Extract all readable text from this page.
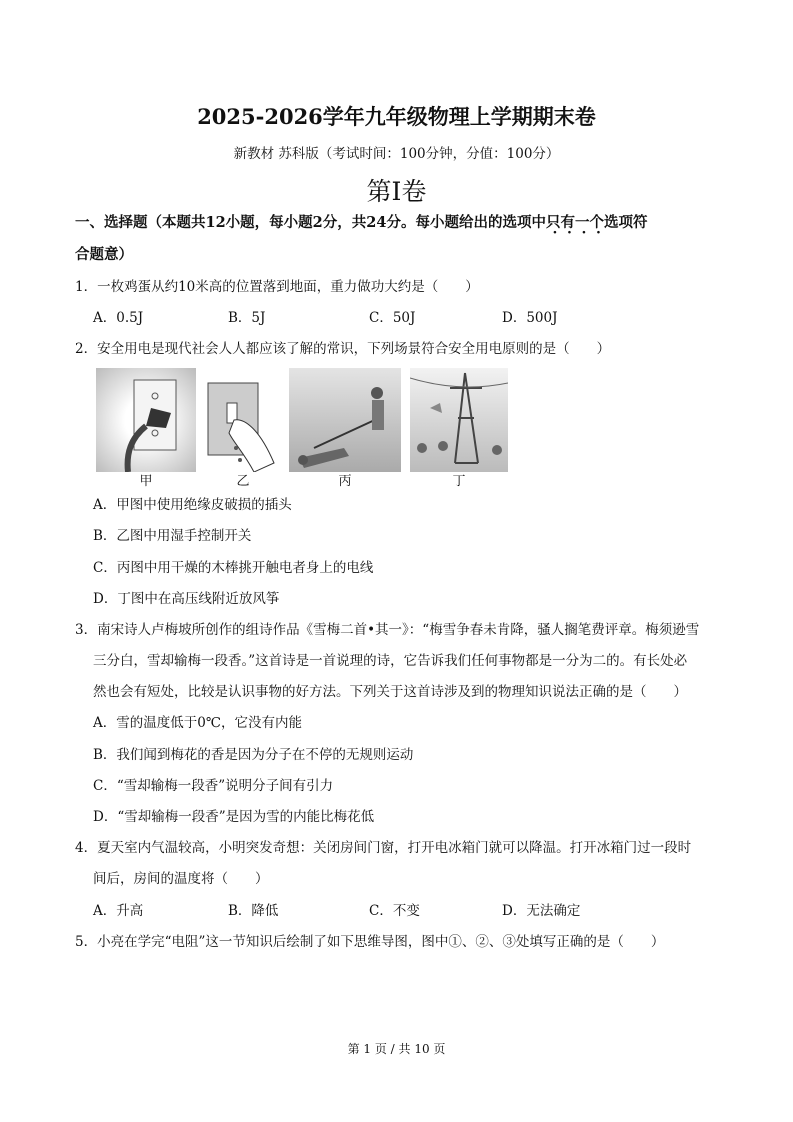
2025-2026学年九年级物理上学期期末卷
新教材 苏科版（考试时间：100分钟，分值：100分）
第I卷
一、选择题（本题共12小题，每小题2分，共24分。每小题给出的选项中只有一个选项符
合题意）
1．一枚鸡蛋从约10米高的位置落到地面，重力做功大约是（　　）
A．0.5J	B．5J	C．50J	D．500J
2．安全用电是现代社会人人都应该了解的常识，下列场景符合安全用电原则的是（　　）
甲	乙	丙	丁
A．甲图中使用绝缘皮破损的插头
B．乙图中用湿手控制开关
C．丙图中用干燥的木棒挑开触电者身上的电线
D．丁图中在高压线附近放风筝
3．南宋诗人卢梅坡所创作的组诗作品《雪梅二首•其一》：“梅雪争春未肯降，骚人搁笔费评章。梅须逊雪
三分白，雪却输梅一段香。”这首诗是一首说理的诗，它告诉我们任何事物都是一分为二的。有长处必
然也会有短处，比较是认识事物的好方法。下列关于这首诗涉及到的物理知识说法正确的是（　　）
A．雪的温度低于0℃，它没有内能
B．我们闻到梅花的香是因为分子在不停的无规则运动
C．“雪却输梅一段香”说明分子间有引力
D．“雪却输梅一段香”是因为雪的内能比梅花低
4．夏天室内气温较高，小明突发奇想：关闭房间门窗，打开电冰箱门就可以降温。打开冰箱门过一段时
间后，房间的温度将（　　）
A．升高	B．降低	C．不变	D．无法确定
5．小亮在学完“电阻”这一节知识后绘制了如下思维导图，图中①、②、③处填写正确的是（　　）
第 1 页 / 共 10 页
